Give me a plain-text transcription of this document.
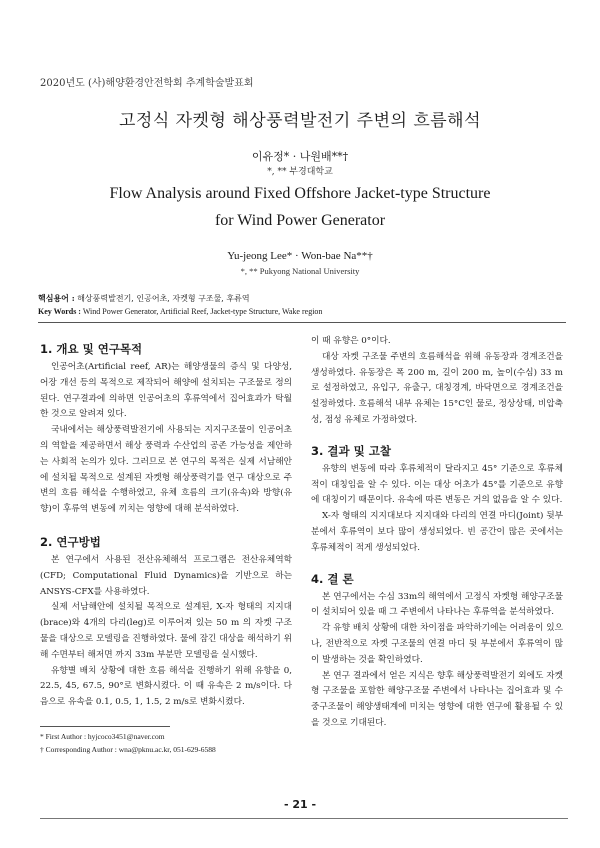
2020년도 (사)해양환경안전학회 추계학술발표회
고정식 자켓형 해상풍력발전기 주변의 흐름해석
이유정* · 나원배**†
*, ** 부경대학교
Flow Analysis around Fixed Offshore Jacket-type Structure
for Wind Power Generator
Yu-jeong Lee* · Won-bae Na**†
*, ** Pukyong National University
핵심용어 : 해상풍력발전기, 인공어초, 자켓형 구조물, 후류역
Key Words : Wind Power Generator, Artificial Reef, Jacket-type Structure, Wake region
1. 개요 및 연구목적

인공어초(Artificial reef, AR)는 해양생물의 증식 및 다양성, 어장 개선 등의 목적으로 제작되어 해양에 설치되는 구조물로 정의된다. 연구결과에 의하면 인공어초의 후류역에서 집어효과가 탁월한 것으로 알려져 있다.

국내에서는 해상풍력발전기에 사용되는 지지구조물이 인공어초의 역할을 제공하면서 해상 풍력과 수산업의 공존 가능성을 제안하는 사회적 논의가 있다. 그러므로 본 연구의 목적은 실제 서남해안에 설치될 목적으로 설계된 자켓형 해상풍력기를 연구 대상으로 주변의 흐름 해석을 수행하였고, 유체 흐름의 크기(유속)와 방향(유향)이 후류역 변동에 끼치는 영향에 대해 분석하였다.

2. 연구방법

본 연구에서 사용된 전산유체해석 프로그램은 전산유체역학(CFD; Computational Fluid Dynamics)을 기반으로 하는 ANSYS-CFX를 사용하였다.

실제 서남해안에 설치될 목적으로 설계된, X-자 형태의 지지대(brace)와 4개의 다리(leg)로 이루어져 있는 50 m 의 자켓 구조물을 대상으로 모델링을 진행하였다. 물에 잠긴 대상을 해석하기 위해 수면부터 해저면 까지 33m 부분만 모델링을 실시했다.

유향별 배치 상황에 대한 흐름 해석을 진행하기 위해 유향을 0, 22.5, 45, 67.5, 90°로 변화시켰다. 이 때 유속은 2 m/s이다. 다음으로 유속을 0.1, 0.5, 1, 1.5, 2 m/s로 변화시켰다.

이 때 유향은 0°이다.

대상 자켓 구조물 주변의 흐름해석을 위해 유동장과 경계조건을 생성하였다. 유동장은 폭 200 m, 길이 200 m, 높이(수심) 33 m로 설정하였고, 유입구, 유출구, 대칭경계, 바닥면으로 경계조건을 설정하였다. 흐름해석 내부 유체는 15°C인 물로, 정상상태, 비압축성, 점성 유체로 가정하였다.

3. 결과 및 고찰

유향의 변동에 따라 후류체적이 달라지고 45° 기준으로 후류체적이 대칭임을 알 수 있다. 이는 대상 어초가 45°를 기준으로 유향에 대칭이기 때문이다. 유속에 따른 변동은 거의 없음을 알 수 있다.

X-자 형태의 지지대보다 지지대와 다리의 연결 마디(Joint) 뒷부분에서 후류역이 보다 많이 생성되었다. 빈 공간이 많은 곳에서는 후류체적이 적게 생성되었다.

4. 결 론

본 연구에서는 수심 33m의 해역에서 고정식 자켓형 해양구조물이 설치되어 있을 때 그 주변에서 나타나는 후류역을 분석하였다.

각 유향 배치 상황에 대한 차이점을 파악하기에는 어려움이 있으나, 전반적으로 자켓 구조물의 연결 마디 뒷 부분에서 후류역이 많이 발생하는 것을 확인하였다.

본 연구 결과에서 얻은 지식은 향후 해상풍력발전기 외에도 자켓형 구조물을 포함한 해양구조물 주변에서 나타나는 집어효과 및 수중구조물이 해양생태계에 미치는 영향에 대한 연구에 활용될 수 있을 것으로 기대된다.

* First Author : hyjcoco3451@naver.com
† Corresponding Author : wna@pknu.ac.kr, 051-629-6588
- 21 -
